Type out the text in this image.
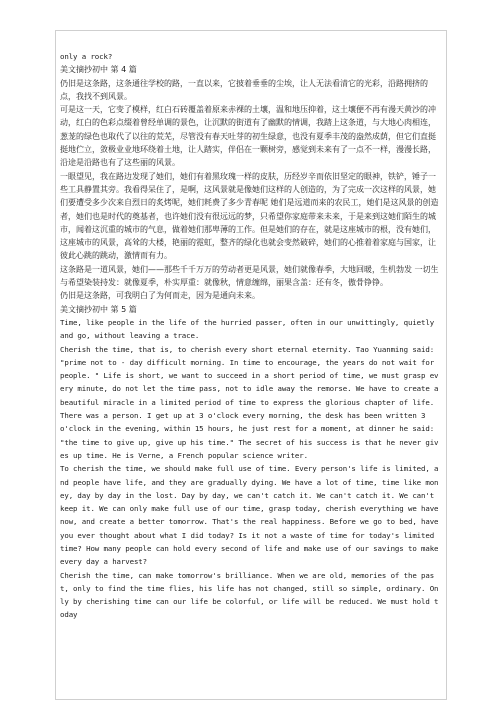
only a rock?

美文摘抄初中 第 4 篇

仍旧是这条路，这条通往学校的路，一直以来，它披着垂垂的尘埃，让人无法看清它的光彩，沿路拥挤的点，我找不到风景。

可是这一天，它变了模样，红白石砖覆盖着原来赤裸的土壤，温和地压抑着，这土壤便不再有漫天黄沙的冲动，红白的色彩点缀着曾经单调的景色，让沉默的街道有了幽默的情调，我踏上这条道，与大地心肉相连，葱茏的绿色也取代了以往的荒芜，尽管没有春天吐芽的初生绿意，也没有夏季丰茂的盎然成荫，但它们直挺挺地伫立，敛极业业地环绕着土地，让人踏实，伴侣在一颗树旁，感觉到未来有了一点不一样，漫漫长路，沿途是沿路也有了这些丽的风景。

一眼望见，我在路边发现了她们，她们有着黑玫瑰一样的皮肤，历经岁辛而依旧坚定的眼神，铁铲，锤子一些工具静置其旁。我看得呆住了，是啊，这风景就是像她们这样的人创造的，为了完成一次这样的风景，她们要遭受多少次来自烈日的炙烤呢，她们耗费了多少青春呢 她们是远道而来的农民工，她们是这风景的创造者，她们也是时代的奠基者，也许她们没有很远远的梦，只希望你家庭带来未来，于是来到这她们陌生的城市，闻着这沉重的城市的气息，做着她们那卑薄的工作。但是她们的存在，就是这座城市的根，没有她们，这座城市的风景，高耸的大楼，艳丽的霓虹，整齐的绿化也就会变然破碎，她们的心推着着家庭与国家，让彼此心跳的跳动，激情而有力。

这条路是一道风景，她们——那些千千万万的劳动者更是风景，她们就像春季，大地回暖，生机勃发 一切生与希望染装持发：就像夏季，朴实厚重：就像秋，情意缠绵，丽果含盖：还有冬，傲骨铮铮。

仍旧是这条路，可我明白了为何而走，因为是通向未来。

美文摘抄初中 第 5 篇

Time, like people in the life of the hurried passer, often in our unwittingly, quietly and go, without leaving a trace.

Cherish the time, that is, to cherish every short eternal eternity. Tao Yuanming said: "prime not to - day difficult morning. In time to encourage, the years do not wait for people. " Life is short, we want to succeed in a short period of time, we must grasp every minute, do not let the time pass, not to idle away the remorse. We have to create a beautiful miracle in a limited period of time to express the glorious chapter of life. There was a person. I get up at 3 o'clock every morning, the desk has been written 3 o'clock in the evening, within 15 hours, he just rest for a moment, at dinner he said: "the time to give up, give up his time." The secret of his success is that he never gives up time. He is Verne, a French popular science writer.

To cherish the time, we should make full use of time. Every person's life is limited, and people have life, and they are gradually dying. We have a lot of time, time like money, day by day in the lost. Day by day, we can't catch it. We can't catch it. We can't keep it. We can only make full use of our time, grasp today, cherish everything we have now, and create a better tomorrow. That's the real happiness. Before we go to bed, have you ever thought about what I did today? Is it not a waste of time for today's limited time? How many people can hold every second of life and make use of our savings to make every day a harvest?

Cherish the time, can make tomorrow's brilliance. When we are old, memories of the past, only to find the time flies, his life has not changed, still so simple, ordinary. Only by cherishing time can our life be colorful, or life will be reduced. We must hold today
